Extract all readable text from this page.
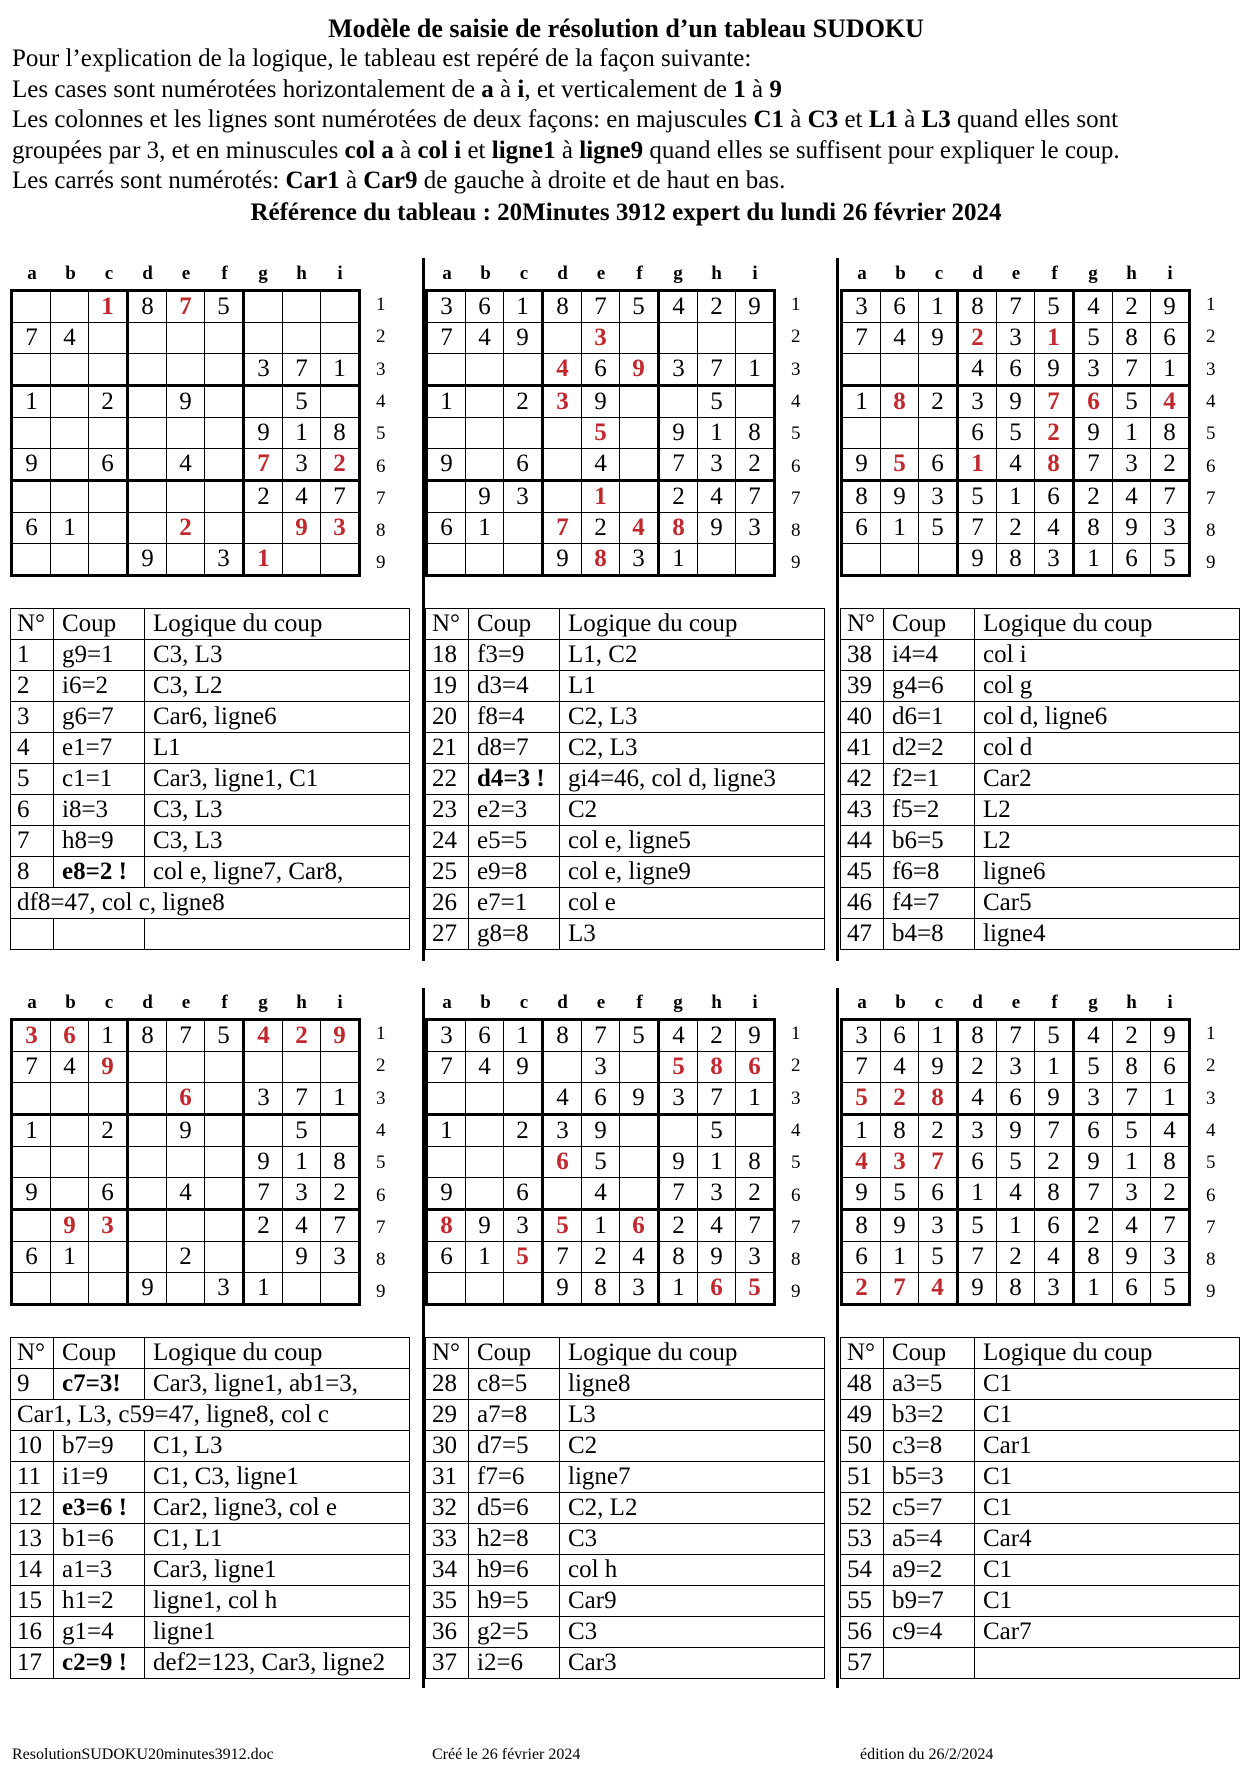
Modèle de saisie de résolution d’un tableau SUDOKU

Pour l’explication de la logique, le tableau est repéré de la façon suivante:

Les cases sont numérotées horizontalement de a à i, et verticalement de 1 à 9

Les colonnes et les lignes sont numérotées de deux façons: en majuscules C1 à C3 et L1 à L3 quand elles sont

groupées par 3, et en minuscules col a à col i et ligne1 à ligne9 quand elles se suffisent pour expliquer le coup.

Les carrés sont numérotés: Car1 à Car9 de gauche à droite et de haut en bas.

Référence du tableau : 20Minutes 3912 expert du lundi 26 février 2024
a	b	c	d	e	f	g	h	i
		1	8	7	5			
7	4							
						3	7	1
1		2		9			5	
						9	1	8
9		6		4		7	3	2
						2	4	7
6	1			2			9	3
			9		3	1		
1
2
3
4
5
6
7
8
9
a	b	c	d	e	f	g	h	i
3	6	1	8	7	5	4	2	9
7	4	9		3				
			4	6	9	3	7	1
1		2	3	9			5	
				5		9	1	8
9		6		4		7	3	2
	9	3		1		2	4	7
6	1		7	2	4	8	9	3
			9	8	3	1		
1
2
3
4
5
6
7
8
9
a	b	c	d	e	f	g	h	i
3	6	1	8	7	5	4	2	9
7	4	9	2	3	1	5	8	6
			4	6	9	3	7	1
1	8	2	3	9	7	6	5	4
			6	5	2	9	1	8
9	5	6	1	4	8	7	3	2
8	9	3	5	1	6	2	4	7
6	1	5	7	2	4	8	9	3
			9	8	3	1	6	5
1
2
3
4
5
6
7
8
9
a	b	c	d	e	f	g	h	i
3	6	1	8	7	5	4	2	9
7	4	9						
				6		3	7	1
1		2		9			5	
						9	1	8
9		6		4		7	3	2
	9	3				2	4	7
6	1			2			9	3
			9		3	1		
1
2
3
4
5
6
7
8
9
a	b	c	d	e	f	g	h	i
3	6	1	8	7	5	4	2	9
7	4	9		3		5	8	6
			4	6	9	3	7	1
1		2	3	9			5	
			6	5		9	1	8
9		6		4		7	3	2
8	9	3	5	1	6	2	4	7
6	1	5	7	2	4	8	9	3
			9	8	3	1	6	5
1
2
3
4
5
6
7
8
9
a	b	c	d	e	f	g	h	i
3	6	1	8	7	5	4	2	9
7	4	9	2	3	1	5	8	6
5	2	8	4	6	9	3	7	1
1	8	2	3	9	7	6	5	4
4	3	7	6	5	2	9	1	8
9	5	6	1	4	8	7	3	2
8	9	3	5	1	6	2	4	7
6	1	5	7	2	4	8	9	3
2	7	4	9	8	3	1	6	5
1
2
3
4
5
6
7
8
9
N°	Coup	Logique du coup
1	g9=1	C3, L3
2	i6=2	C3, L2
3	g6=7	Car6, ligne6
4	e1=7	L1
5	c1=1	Car3, ligne1, C1
6	i8=3	C3, L3
7	h8=9	C3, L3
8	e8=2 !	col e, ligne7, Car8,
df8=47, col c, ligne8		

N°	Coup	Logique du coup
18	f3=9	L1, C2
19	d3=4	L1
20	f8=4	C2, L3
21	d8=7	C2, L3
22	d4=3 !	gi4=46, col d, ligne3
23	e2=3	C2
24	e5=5	col e, ligne5
25	e9=8	col e, ligne9
26	e7=1	col e
27	g8=8	L3
N°	Coup	Logique du coup
38	i4=4	col i
39	g4=6	col g
40	d6=1	col d, ligne6
41	d2=2	col d
42	f2=1	Car2
43	f5=2	L2
44	b6=5	L2
45	f6=8	ligne6
46	f4=7	Car5
47	b4=8	ligne4
N°	Coup	Logique du coup
9	c7=3!	Car3, ligne1, ab1=3,
Car1, L3, c59=47, ligne8, col c		
10	b7=9	C1, L3
11	i1=9	C1, C3, ligne1
12	e3=6 !	Car2, ligne3, col e
13	b1=6	C1, L1
14	a1=3	Car3, ligne1
15	h1=2	ligne1, col h
16	g1=4	ligne1
17	c2=9 !	def2=123, Car3, ligne2
N°	Coup	Logique du coup
28	c8=5	ligne8
29	a7=8	L3
30	d7=5	C2
31	f7=6	ligne7
32	d5=6	C2, L2
33	h2=8	C3
34	h9=6	col h
35	h9=5	Car9
36	g2=5	C3
37	i2=6	Car3
N°	Coup	Logique du coup
48	a3=5	C1
49	b3=2	C1
50	c3=8	Car1
51	b5=3	C1
52	c5=7	C1
53	a5=4	Car4
54	a9=2	C1
55	b9=7	C1
56	c9=4	Car7
57		
ResolutionSUDOKU20minutes3912.doc	Créé le 26 février 2024	édition du 26/2/2024
